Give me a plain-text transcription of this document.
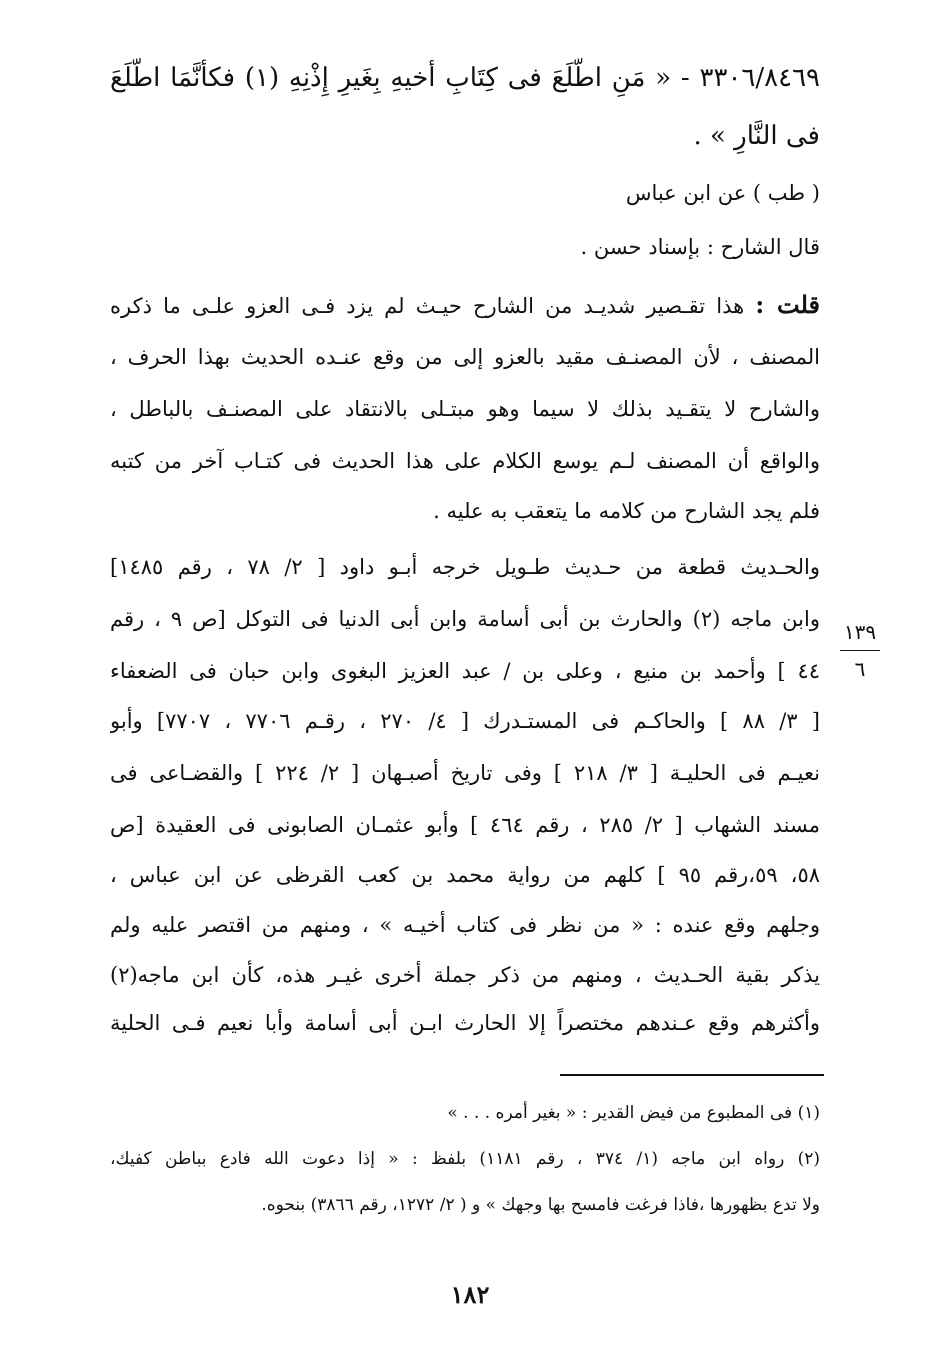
٣٣٠٦/٨٤٦٩ - « مَنِ اطَّلَعَ فى كِتَابِ أخيهِ بِغَيرِ إِذْنِهِ (١) فكأنَّمَا اطَّلَعَ
فى النَّارِ » .
( طب ) عن ابن عباس
قال الشارح : بإسناد حسن .
قلت : هذا تقـصير شديـد من الشارح حيـث لم يزد فـى العزو علـى ما ذكره
المصنف ، لأن المصنـف مقيد بالعزو إلى من وقع عنـده الحديث بهذا الحرف ،
والشارح لا يتقـيد بذلك لا سيما وهو مبتـلى بالانتقاد على المصنـف بالباطل ،
والواقع أن المصنف لـم يوسع الكلام على هذا الحديث فى كتـاب آخر من كتبه
فلم يجد الشارح من كلامه ما يتعقب به عليه .
والحـديث قطعة من حـديث طـويل خرجه أبـو داود [ ٢/ ٧٨ ، رقم ١٤٨٥]
وابن ماجه (٢) والحارث بن أبى أسامة وابن أبى الدنيا فى التوكل [ص ٩ ، رقم
٤٤ ] وأحمد بن منيع ، وعلى بن / عبد العزيز البغوى وابن حبان فى الضعفاء
[ ٣/ ٨٨ ] والحاكـم فى المستـدرك [ ٤/ ٢٧٠ ، رقـم ٧٧٠٦ ، ٧٧٠٧] وأبو
نعيـم فى الحليـة [ ٣/ ٢١٨ ] وفى تاريخ أصبـهان [ ٢/ ٢٢٤ ] والقضـاعى فى
مسند الشهاب [ ٢/ ٢٨٥ ، رقم ٤٦٤ ] وأبو عثمـان الصابونى فى العقيدة [ص
٥٨، ٥٩،رقم ٩٥ ] كلهم من رواية محمد بن كعب القرظى عن ابن عباس ،
وجلهم وقع عنده : « من نظر فى كتاب أخيـه » ، ومنهم من اقتصر عليه ولم
يذكر بقية الحـديث ، ومنهم من ذكر جملة أخرى غيـر هذه، كأن ابن ماجه(٢)
وأكثرهم وقع عـندهم مختصراً إلا الحارث ابـن أبى أسامة وأبا نعيم فـى الحلية
١٣٩
٦
(١) فى المطبوع من فيض القدير : « بغير أمره . . . »
(٢) رواه ابن ماجه (١/ ٣٧٤ ، رقم ١١٨١) بلفظ : « إذا دعوت الله فادع بباطن كفيك،
ولا تدع بظهورها ،فاذا فرغت فامسح بها وجهك » و ( ٢/ ١٢٧٢، رقم ٣٨٦٦) بنحوه.
١٨٢
